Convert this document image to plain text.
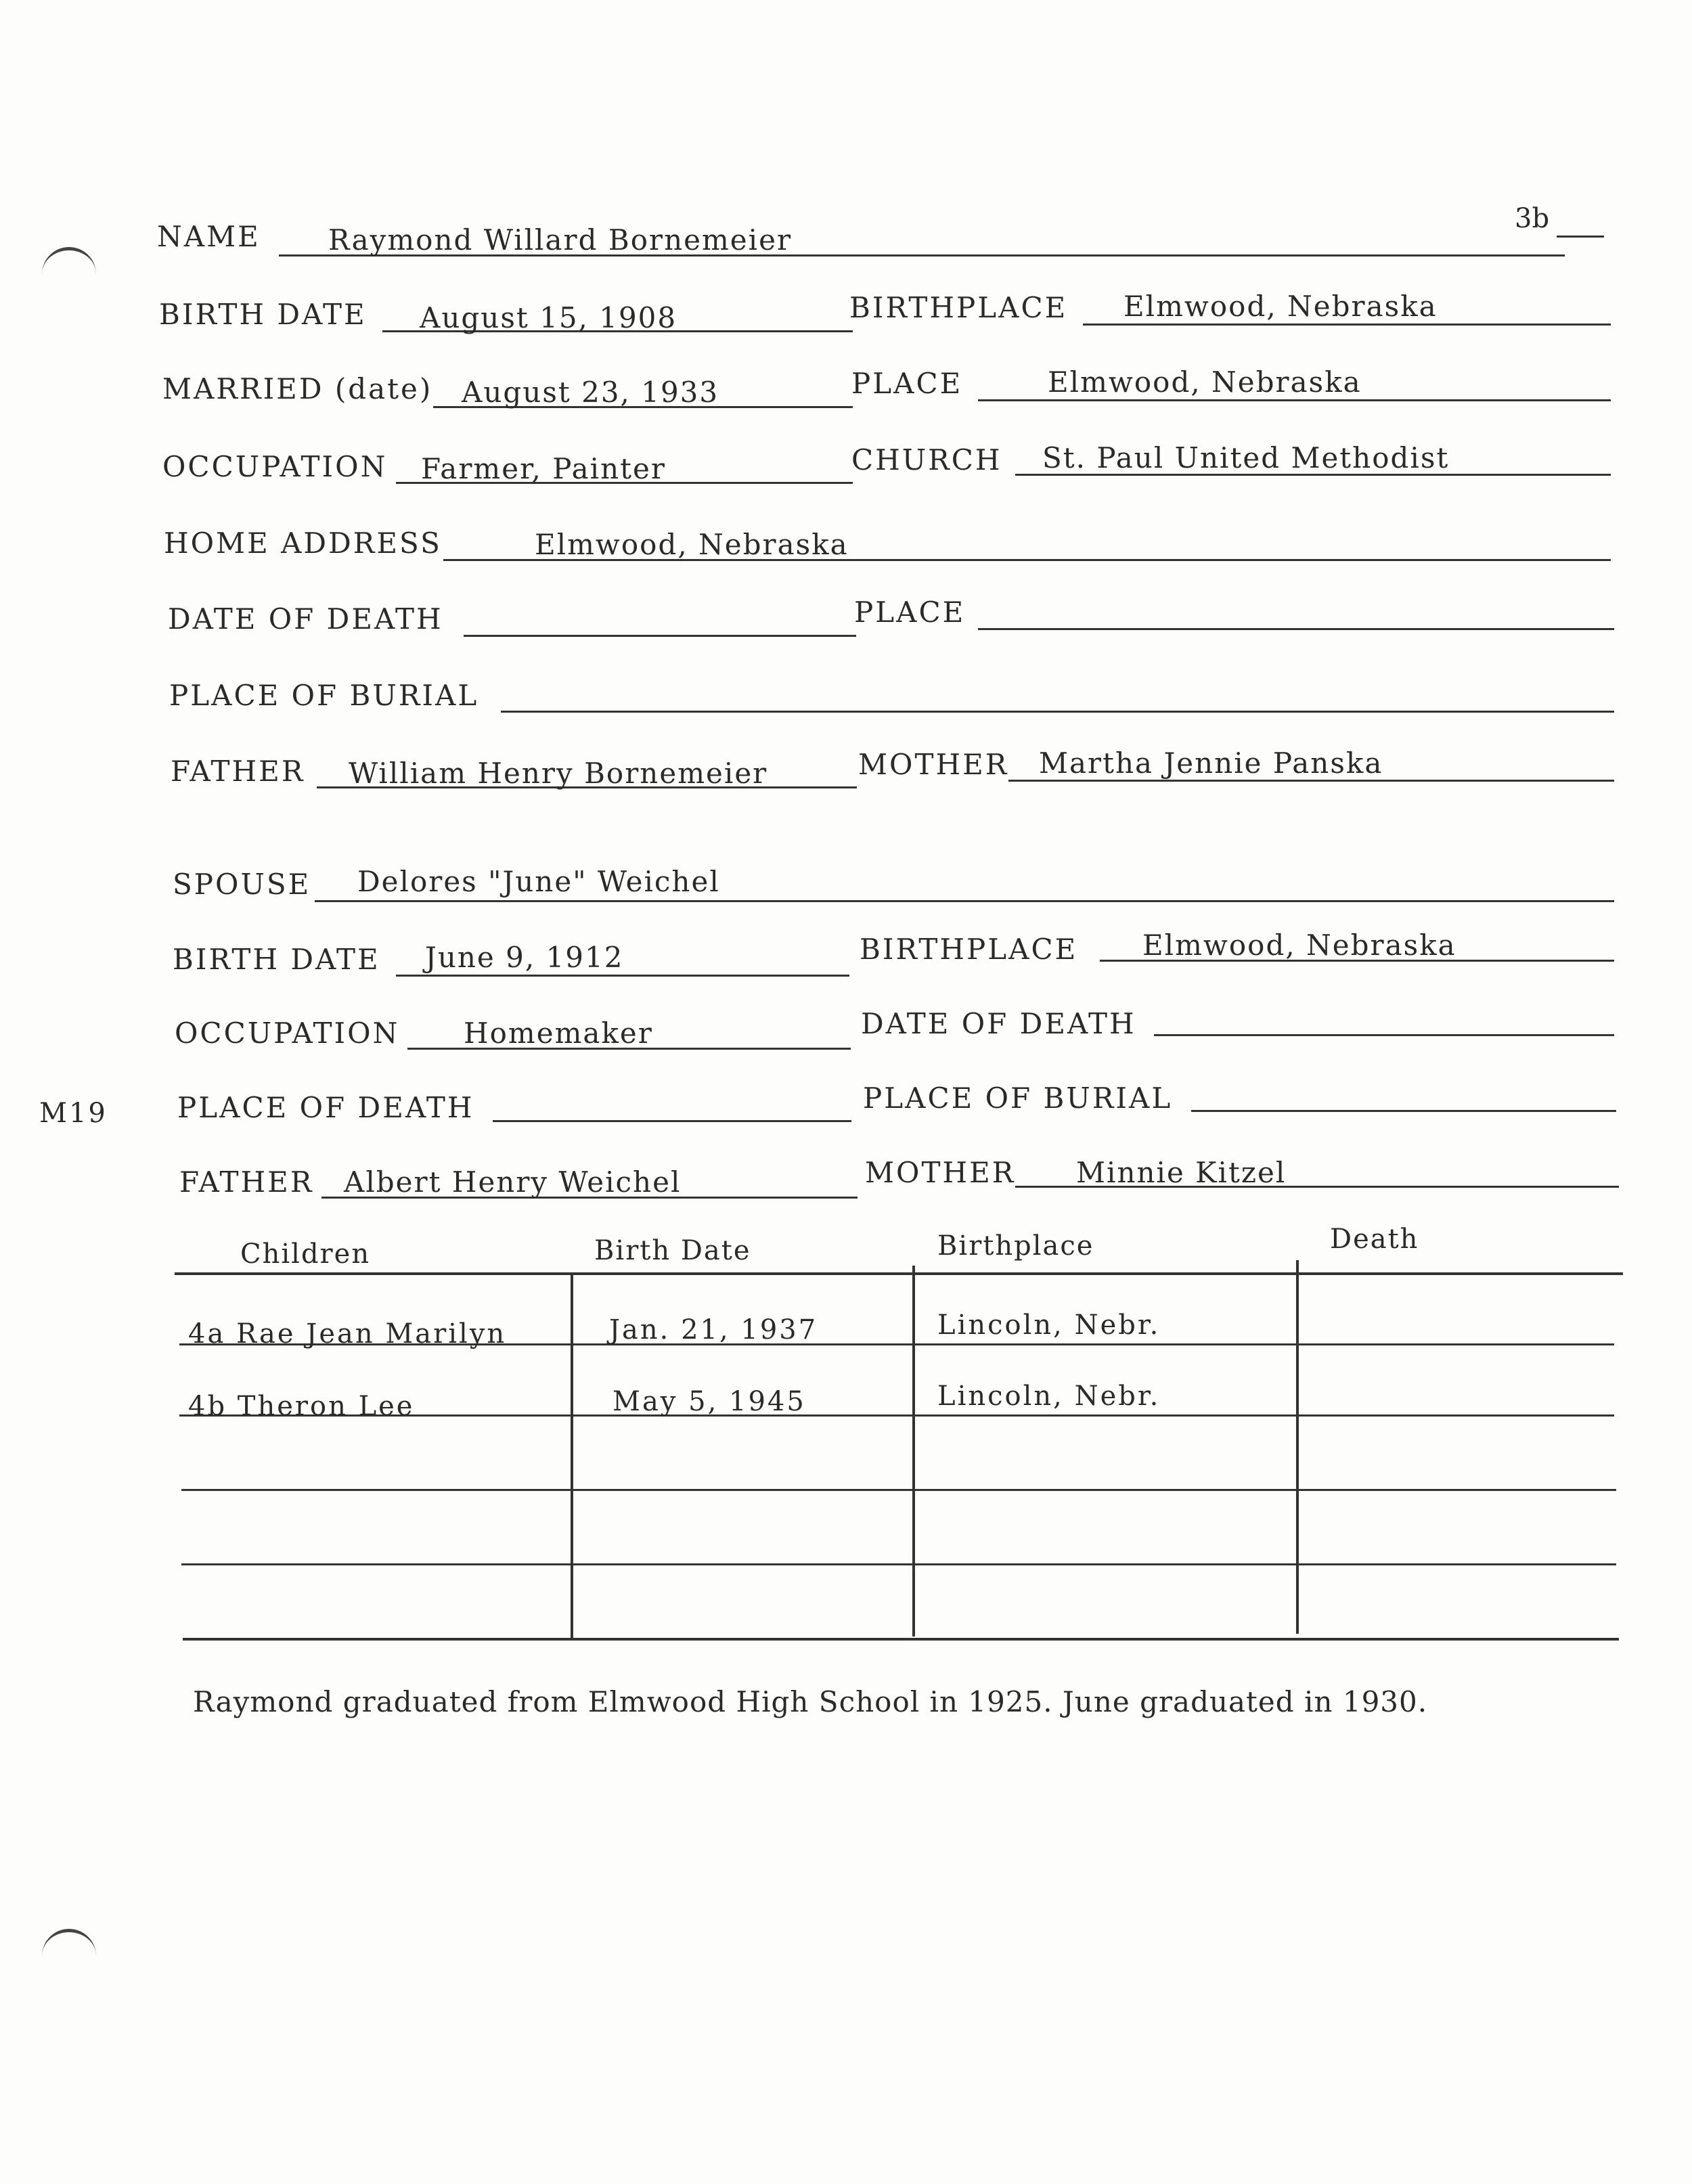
3b
NAME Raymond Willard Bornemeier
BIRTH DATE August 15, 1908	BIRTHPLACE Elmwood, Nebraska
MARRIED (date) August 23, 1933	PLACE	Elmwood, Nebraska
OCCUPATION Farmer, Painter	CHURCH St. Paul United Methodist
HOME ADDRESS	Elmwood, Nebraska
DATE OF DEATH	PLACE
PLACE OF BURIAL
FATHER William Henry Bornemeier	MOTHER Martha Jennie Panska
SPOUSE Delores "June" Weichel
BIRTH DATE June 9, 1912	BIRTHPLACE Elmwood, Nebraska
OCCUPATION Homemaker	DATE OF DEATH
M19 PLACE OF DEATH	PLACE OF BURIAL
FATHER Albert Henry Weichel	MOTHER Minnie Kitzel
Children	Birth Date	Birthplace	Death
4a Rae Jean Marilyn	Jan. 21, 1937	Lincoln, Nebr.
4b Theron Lee	May 5, 1945	Lincoln, Nebr.
Raymond graduated from Elmwood High School in 1925. June graduated in 1930.
